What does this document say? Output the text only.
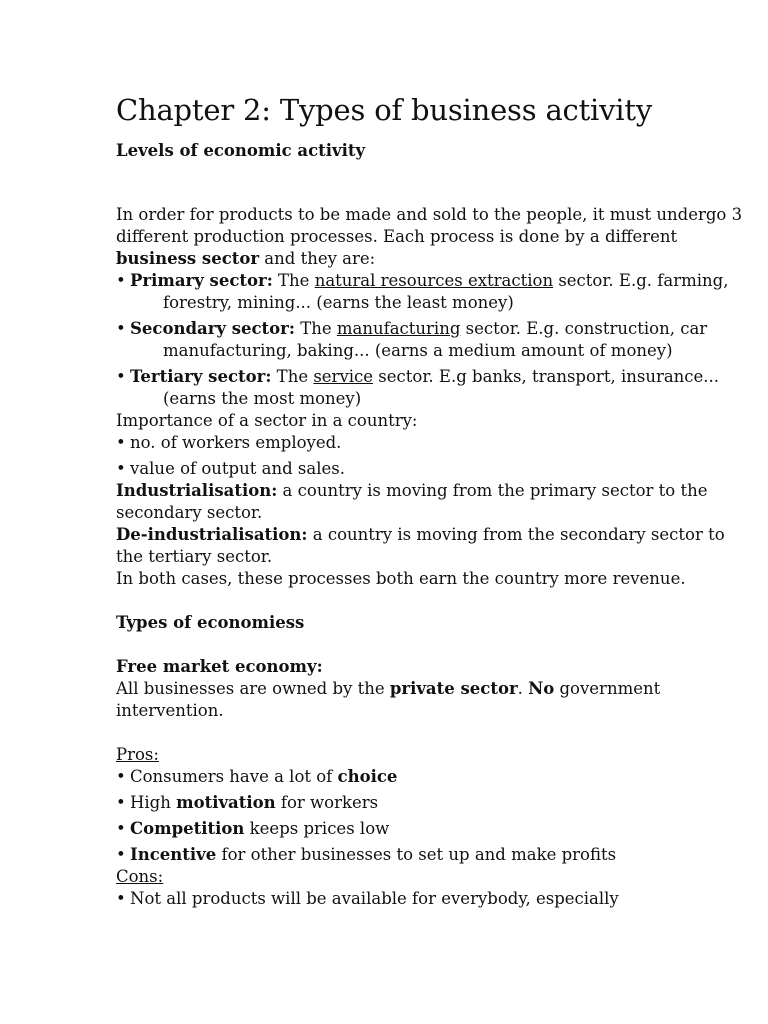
Chapter 2: Types of business activity
Levels of economic activity

In order for products to be made and sold to the people, it must undergo 3 different production processes. Each process is done by a different business sector and they are:

• Primary sector: The natural resources extraction sector. E.g. farming, forestry, mining... (earns the least money)

• Secondary sector: The manufacturing sector. E.g. construction, car manufacturing, baking... (earns a medium amount of money)

• Tertiary sector: The service sector. E.g banks, transport, insurance... (earns the most money)

Importance of a sector in a country:

• no. of workers employed.

• value of output and sales.

Industrialisation: a country is moving from the primary sector to the secondary sector.

De-industrialisation: a country is moving from the secondary sector to the tertiary sector.

In both cases, these processes both earn the country more revenue.

Types of economiess
Free market economy:

All businesses are owned by the private sector. No government intervention.

Pros:

• Consumers have a lot of choice

• High motivation for workers

• Competition keeps prices low

• Incentive for other businesses to set up and make profits

Cons:

• Not all products will be available for everybody, especially
